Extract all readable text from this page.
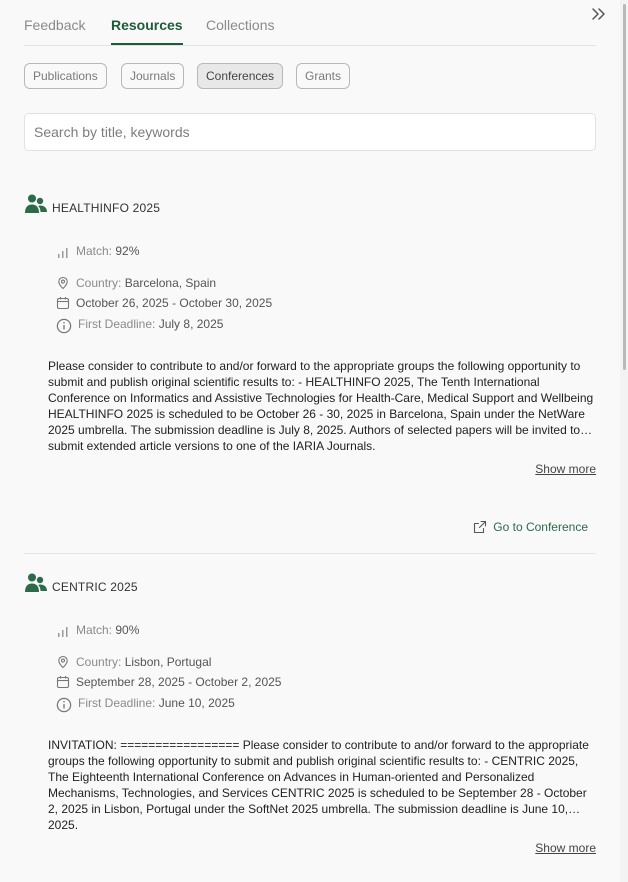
Feedback Resources Collections
Publications	Journals	Conferences	Grants
Search by title, keywords
HEALTHINFO 2025
Match: 92%
Country: Barcelona, Spain
October 26, 2025 - October 30, 2025
First Deadline: July 8, 2025
Please consider to contribute to and/or forward to the appropriate groups the following opportunity to submit and publish original scientific results to: - HEALTHINFO 2025, The Tenth International Conference on Informatics and Assistive Technologies for Health-Care, Medical Support and Wellbeing HEALTHINFO 2025 is scheduled to be October 26 - 30, 2025 in Barcelona, Spain under the NetWare 2025 umbrella. The submission deadline is July 8, 2025. Authors of selected papers will be invited to submit extended article versions to one of the IARIA Journals.
Show more
Go to Conference
CENTRIC 2025
Match: 90%
Country: Lisbon, Portugal
September 28, 2025 - October 2, 2025
First Deadline: June 10, 2025
INVITATION: ================= Please consider to contribute to and/or forward to the appropriate groups the following opportunity to submit and publish original scientific results to: - CENTRIC 2025, The Eighteenth International Conference on Advances in Human-oriented and Personalized Mechanisms, Technologies, and Services CENTRIC 2025 is scheduled to be September 28 - October 2, 2025 in Lisbon, Portugal under the SoftNet 2025 umbrella. The submission deadline is June 10, 2025.
Show more
